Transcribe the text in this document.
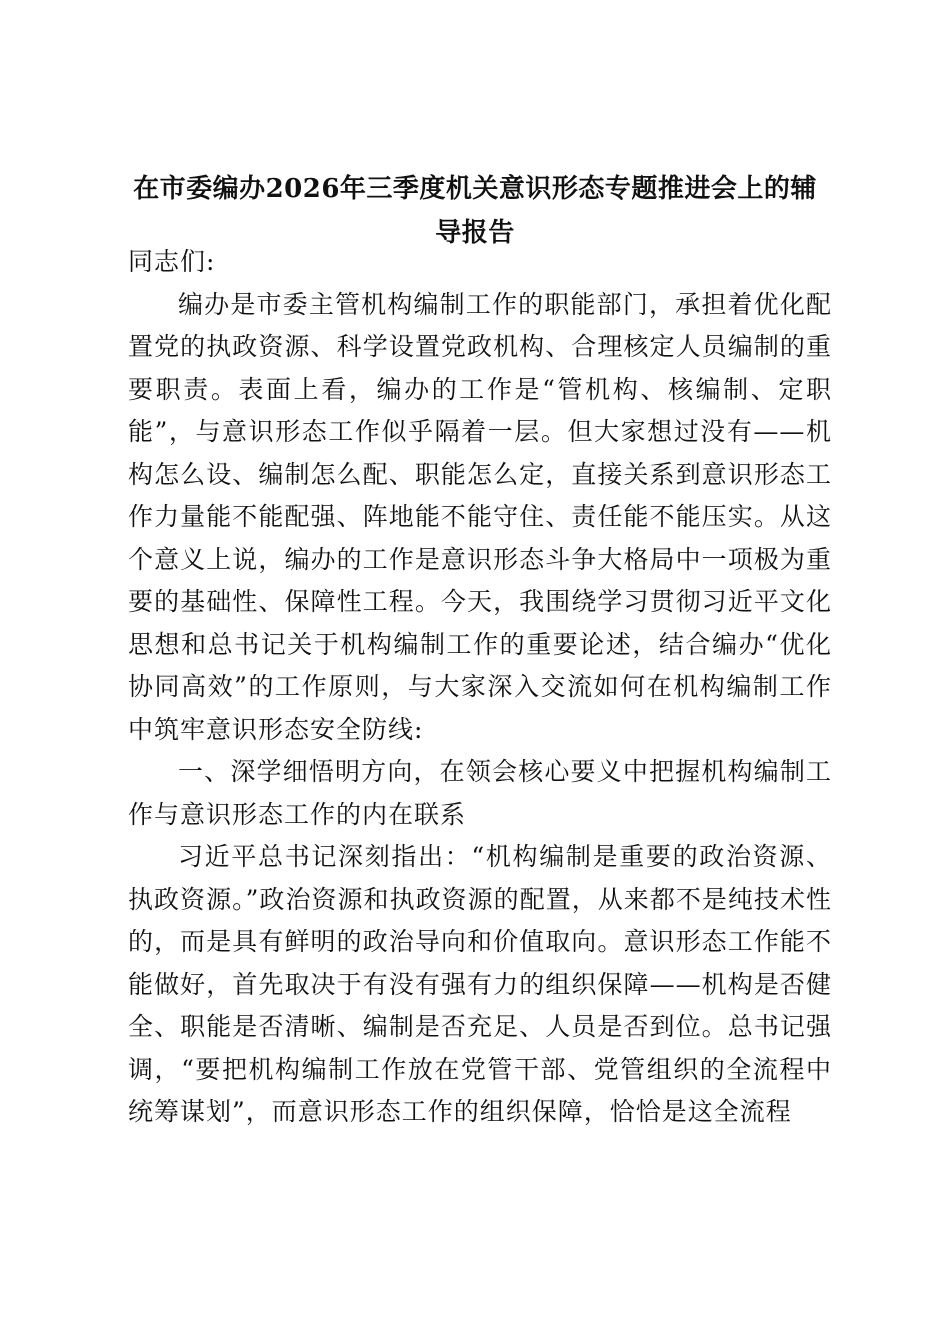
在市委编办2026年三季度机关意识形态专题推进会上的辅导报告

同志们:

编办是市委主管机构编制工作的职能部门，承担着优化配置党的执政资源、科学设置党政机构、合理核定人员编制的重要职责。表面上看，编办的工作是“管机构、核编制、定职能”，与意识形态工作似乎隔着一层。但大家想过没有——机构怎么设、编制怎么配、职能怎么定，直接关系到意识形态工作力量能不能配强、阵地能不能守住、责任能不能压实。从这个意义上说，编办的工作是意识形态斗争大格局中一项极为重要的基础性、保障性工程。今天，我围绕学习贯彻习近平文化思想和总书记关于机构编制工作的重要论述，结合编办“优化协同高效”的工作原则，与大家深入交流如何在机构编制工作中筑牢意识形态安全防线:

一、深学细悟明方向，在领会核心要义中把握机构编制工作与意识形态工作的内在联系

习近平总书记深刻指出：“机构编制是重要的政治资源、执政资源。”政治资源和执政资源的配置，从来都不是纯技术性的，而是具有鲜明的政治导向和价值取向。意识形态工作能不能做好，首先取决于有没有强有力的组织保障——机构是否健全、职能是否清晰、编制是否充足、人员是否到位。总书记强调，“要把机构编制工作放在党管干部、党管组织的全流程中统筹谋划”，而意识形态工作的组织保障，恰恰是这全流程
